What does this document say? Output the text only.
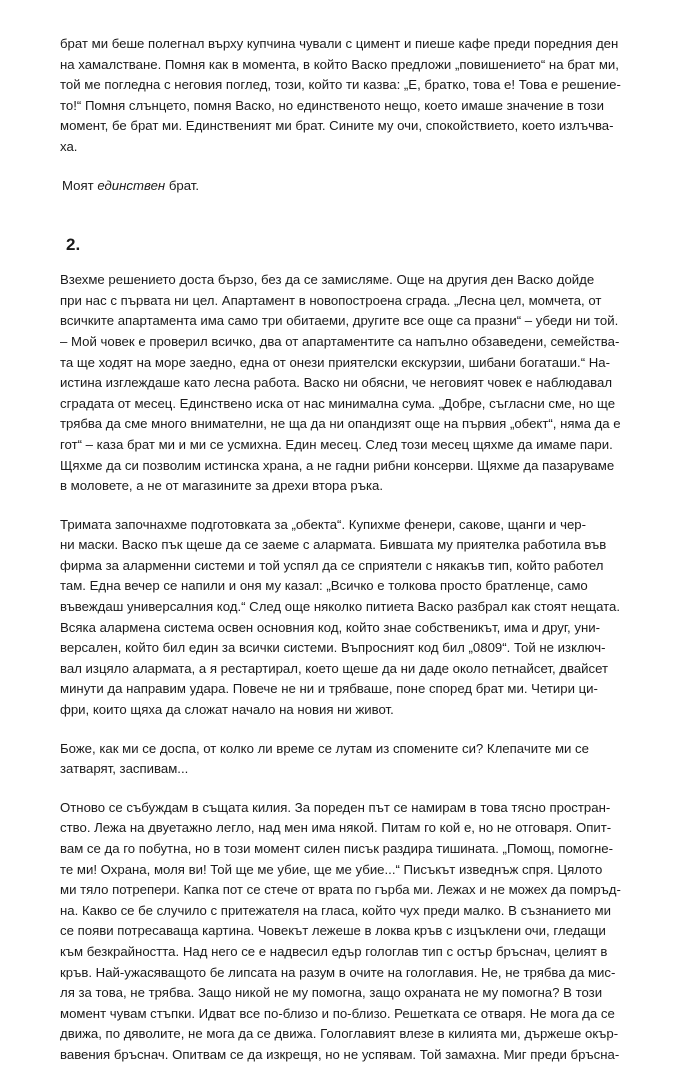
брат ми беше полегнал върху купчина чували с цимент и пиеше кафе преди поредния ден
на хамалстване. Помня как в момента, в който Васко предложи „повишението“ на брат ми,
той ме погледна с неговия поглед, този, който ти казва: „Е, братко, това е! Това е решение-
то!“ Помня слънцето, помня Васко, но единственото нещо, което имаше значение в този
момент, бе брат ми. Единственият ми брат. Сините му очи, спокойствието, което излъчва-
ха.

Моят единствен брат.

2.

Взехме решението доста бързо, без да се замисляме. Още на другия ден Васко дойде
при нас с първата ни цел. Апартамент в новопостроена сграда. „Лесна цел, момчета, от
всичките апартамента има само три обитаеми, другите все още са празни“ – убеди ни той.
– Мой човек е проверил всичко, два от апартаментите са напълно обзаведени, семейства-
та ще ходят на море заедно, една от онези приятелски екскурзии, шибани богаташи.“ На-
истина изглеждаше като лесна работа. Васко ни обясни, че неговият човек е наблюдавал
сградата от месец. Единствено иска от нас минимална сума. „Добре, съгласни сме, но ще
трябва да сме много внимателни, не ща да ни опандизят още на първия „обект“, няма да е
гот“ – каза брат ми и ми се усмихна. Един месец. След този месец щяхме да имаме пари.
Щяхме да си позволим истинска храна, а не гадни рибни консерви. Щяхме да пазаруваме
в моловете, а не от магазините за дрехи втора ръка.

Тримата започнахме подготовката за „обекта“. Купихме фенери, сакове, щанги и чер-
ни маски. Васко пък щеше да се заеме с алармата. Бившата му приятелка работила във
фирма за аларменни системи и той успял да се сприятели с някакъв тип, който работел
там. Една вечер се напили и оня му казал: „Всичко е толкова просто братленце, само
въвеждаш универсалния код.“ След още няколко питиета Васко разбрал как стоят нещата.
Всяка алармена система освен основния код, който знае собственикът, има и друг, уни-
версален, който бил един за всички системи. Въпросният код бил „0809“. Той не изключ-
вал изцяло алармата, а я рестартирал, което щеше да ни даде около петнайсет, двайсет
минути да направим удара. Повече не ни и трябваше, поне според брат ми. Четири ци-
фри, които щяха да сложат начало на новия ни живот.

Боже, как ми се доспа, от колко ли време се лутам из спомените си? Клепачите ми се
затварят, заспивам...

Отново се събуждам в същата килия. За пореден път се намирам в това тясно простран-
ство. Лежа на двуетажно легло, над мен има някой. Питам го кой е, но не отговаря. Опит-
вам се да го побутна, но в този момент силен писък раздира тишината. „Помощ, помогне-
те ми! Охрана, моля ви! Той ще ме убие, ще ме убие...“ Писъкът изведнъж спря. Цялото
ми тяло потрепери. Капка пот се стече от врата по гърба ми. Лежах и не можех да помръд-
на. Какво се бе случило с притежателя на гласа, който чух преди малко. В съзнанието ми
се появи потресаваща картина. Човекът лежеше в локва кръв с изцъклени очи, гледащи
към безкрайността. Над него се е надвесил едър гологлав тип с остър бръснач, целият в
кръв. Най-ужасяващото бе липсата на разум в очите на гологлавия. Не, не трябва да мис-
ля за това, не трябва. Защо никой не му помогна, защо охраната не му помогна? В този
момент чувам стъпки. Идват все по-близо и по-близо. Решетката се отваря. Не мога да се
движа, по дяволите, не мога да се движа. Гологлавият влезе в килията ми, държеше окър-
вавения бръснач. Опитвам се да изкрещя, но не успявам. Той замахна. Миг преди бръсна-
